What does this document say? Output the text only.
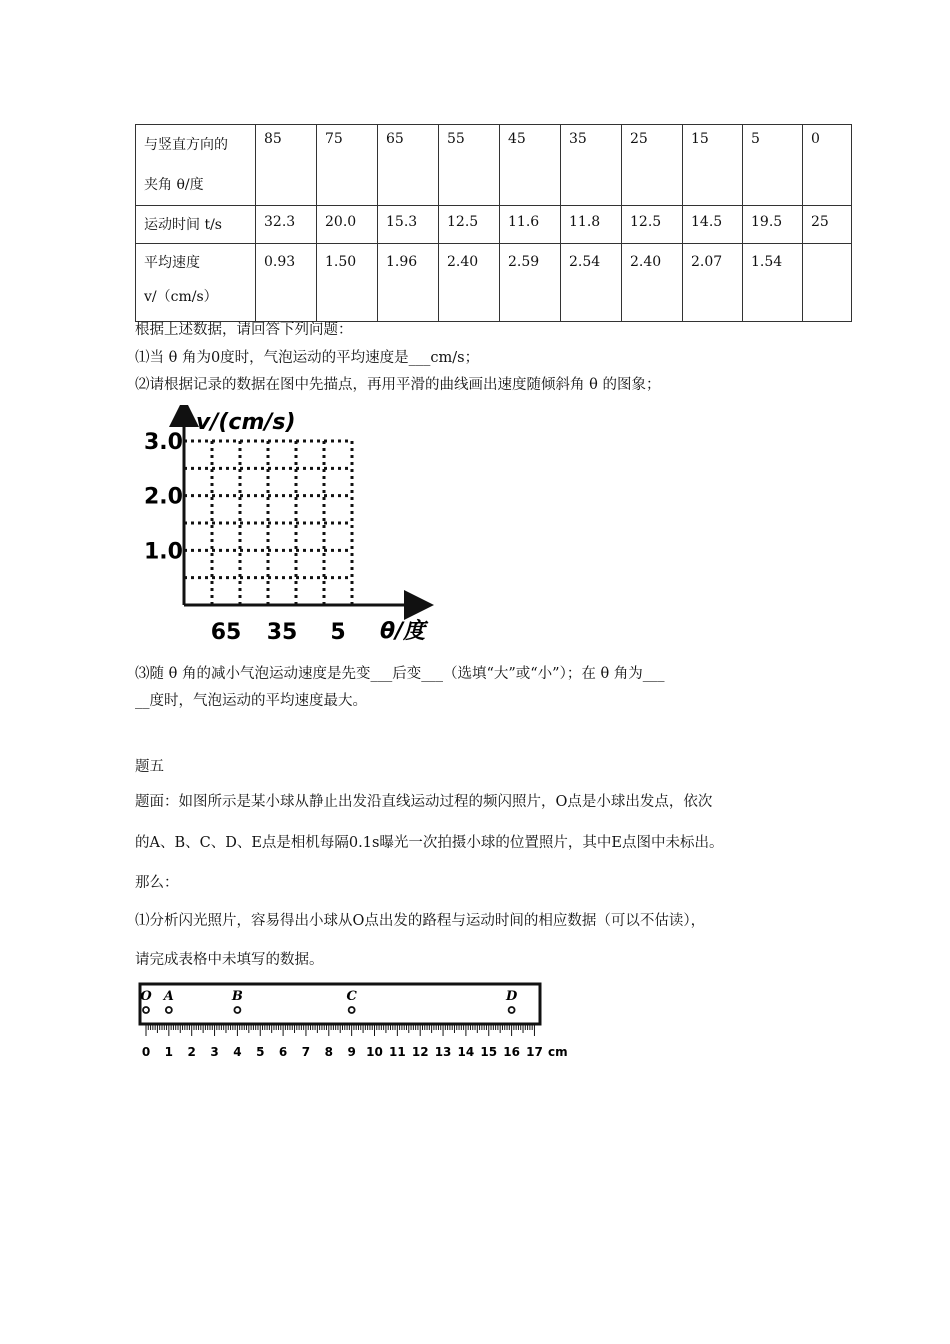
与竖直方向的
夹角 θ/度	85	75	65	55	45	35	25	15	5	0
运动时间 t/s	32.3	20.0	15.3	12.5	11.6	11.8	12.5	14.5	19.5	25

平均速度
v/（cm/s）	0.93	1.50	1.96	2.40	2.59	2.54	2.40	2.07	1.54	
根据上述数据，请回答下列问题：
⑴当 θ 角为0度时，气泡运动的平均速度是___cm/s；
⑵请根据记录的数据在图中先描点，再用平滑的曲线画出速度随倾斜角 θ 的图象；
v/(cm/s)
θ/度
3.0
2.0
1.0
65 35 5
⑶随 θ 角的减小气泡运动速度是先变___后变___（选填“大”或“小”）；在 θ 角为___
__度时，气泡运动的平均速度最大。
题五
题面：如图所示是某小球从静止出发沿直线运动过程的频闪照片，O点是小球出发点，依次
的A、B、C、D、E点是相机每隔0.1s曝光一次拍摄小球的位置照片，其中E点图中未标出。
那么：
⑴分析闪光照片，容易得出小球从O点出发的路程与运动时间的相应数据（可以不估读），
请完成表格中未填写的数据。
O A	B	C	D
0 1 2 3 4 5 6 7 8 9 10 11 12 13 14 15 16 17 cm
